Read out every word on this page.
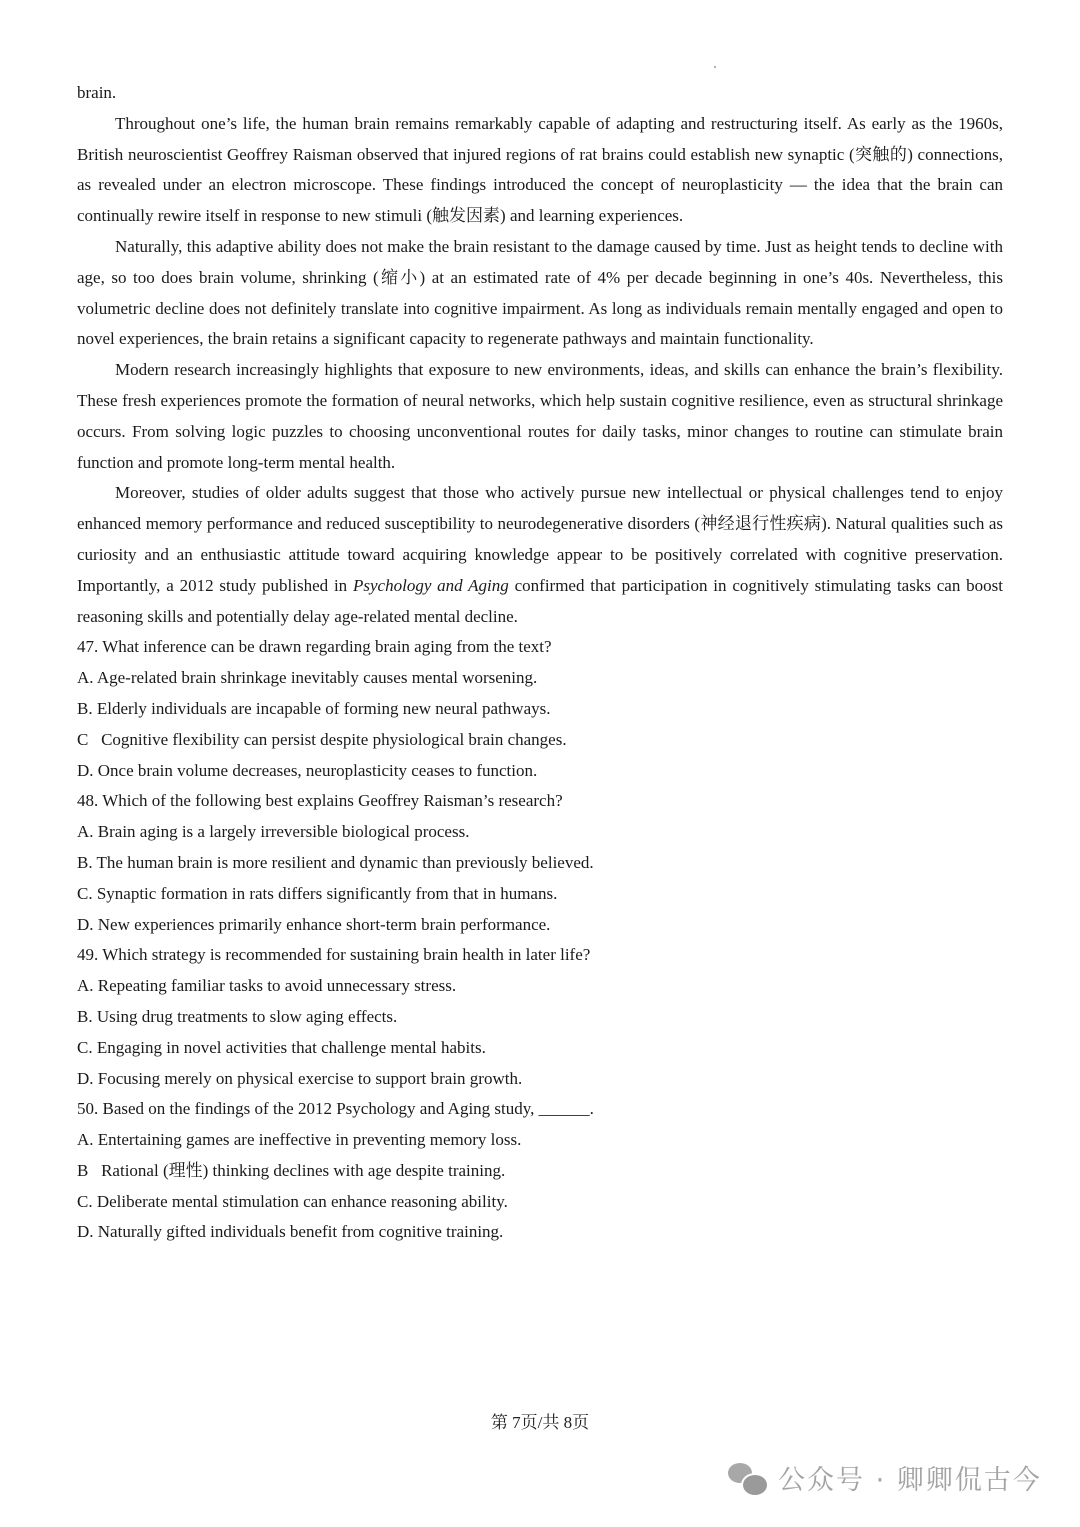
brain.

Throughout one’s life, the human brain remains remarkably capable of adapting and restructuring itself. As early as the 1960s, British neuroscientist Geoffrey Raisman observed that injured regions of rat brains could establish new synaptic (突触的) connections, as revealed under an electron microscope. These findings introduced the concept of neuroplasticity — the idea that the brain can continually rewire itself in response to new stimuli (触发因素) and learning experiences.

Naturally, this adaptive ability does not make the brain resistant to the damage caused by time. Just as height tends to decline with age, so too does brain volume, shrinking (缩小) at an estimated rate of 4% per decade beginning in one’s 40s. Nevertheless, this volumetric decline does not definitely translate into cognitive impairment. As long as individuals remain mentally engaged and open to novel experiences, the brain retains a significant capacity to regenerate pathways and maintain functionality.

Modern research increasingly highlights that exposure to new environments, ideas, and skills can enhance the brain’s flexibility. These fresh experiences promote the formation of neural networks, which help sustain cognitive resilience, even as structural shrinkage occurs. From solving logic puzzles to choosing unconventional routes for daily tasks, minor changes to routine can stimulate brain function and promote long-term mental health.

Moreover, studies of older adults suggest that those who actively pursue new intellectual or physical challenges tend to enjoy enhanced memory performance and reduced susceptibility to neurodegenerative disorders (神经退行性疾病). Natural qualities such as curiosity and an enthusiastic attitude toward acquiring knowledge appear to be positively correlated with cognitive preservation. Importantly, a 2012 study published in Psychology and Aging confirmed that participation in cognitively stimulating tasks can boost reasoning skills and potentially delay age-related mental decline.

47. What inference can be drawn regarding brain aging from the text?

A. Age-related brain shrinkage inevitably causes mental worsening.

B. Elderly individuals are incapable of forming new neural pathways.

C   Cognitive flexibility can persist despite physiological brain changes.

D. Once brain volume decreases, neuroplasticity ceases to function.

48. Which of the following best explains Geoffrey Raisman’s research?

A. Brain aging is a largely irreversible biological process.

B. The human brain is more resilient and dynamic than previously believed.

C. Synaptic formation in rats differs significantly from that in humans.

D. New experiences primarily enhance short-term brain performance.

49. Which strategy is recommended for sustaining brain health in later life?

A. Repeating familiar tasks to avoid unnecessary stress.

B. Using drug treatments to slow aging effects.

C. Engaging in novel activities that challenge mental habits.

D. Focusing merely on physical exercise to support brain growth.

50. Based on the findings of the 2012 Psychology and Aging study, ______.

A. Entertaining games are ineffective in preventing memory loss.

B   Rational (理性) thinking declines with age despite training.

C. Deliberate mental stimulation can enhance reasoning ability.

D. Naturally gifted individuals benefit from cognitive training.

第 7页/共 8页
公众号 · 卿卿侃古今
